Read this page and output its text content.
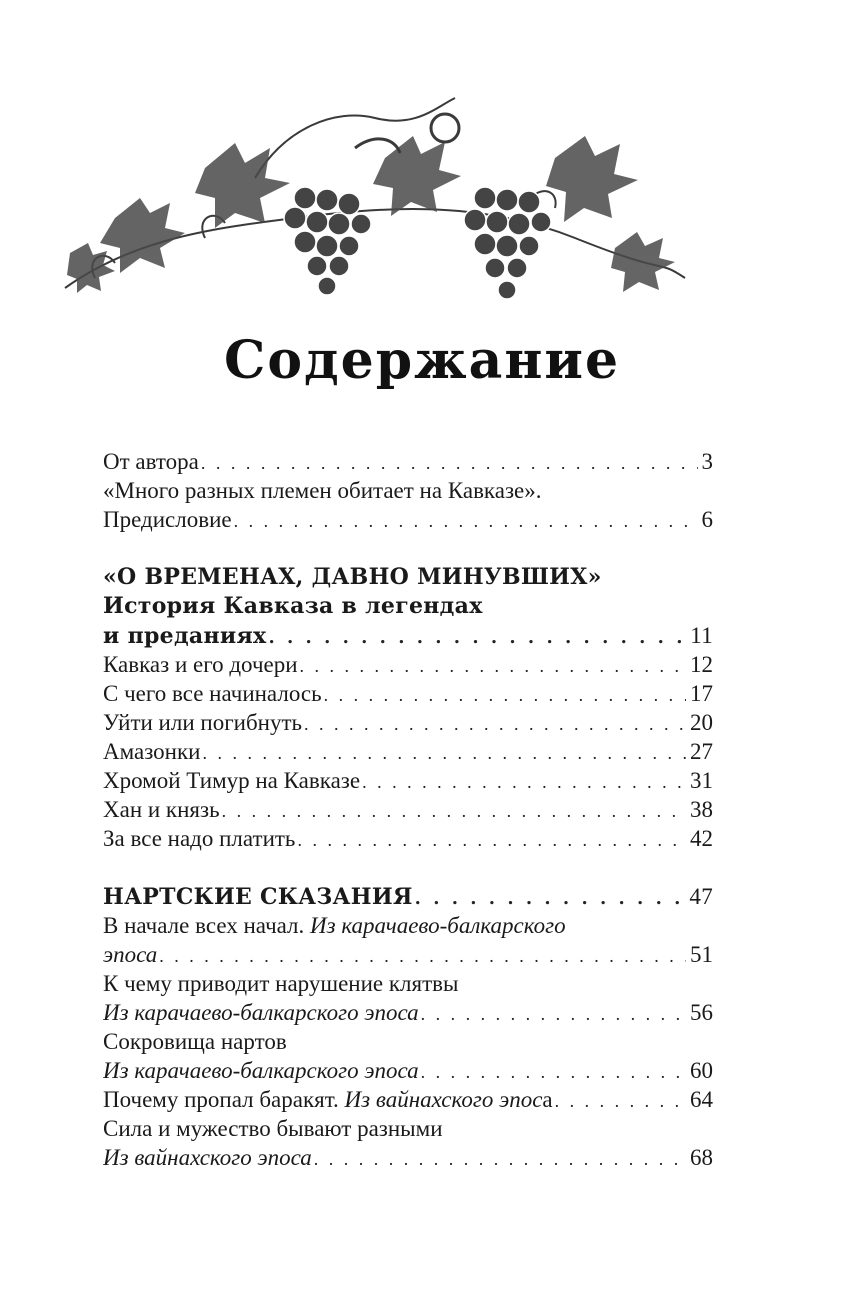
Содержание
От автора . . .	3
«Много разных племен обитает на Кавказе».
Предисловие . . .	6
«О ВРЕМЕНАХ, ДАВНО МИНУВШИХ»
История Кавказа в легендах
и преданиях . . .	11
Кавказ и его дочери . . .	12
С чего все начиналось . . .	17
Уйти или погибнуть . . .	20
Амазонки . . .	27
Хромой Тимур на Кавказе . . .	31
Хан и князь . . .	38
За все надо платить . . .	42
НАРТСКИЕ СКАЗАНИЯ . . .	47
В начале всех начал. Из карачаево-балкарского
эпоса . . .	51
К чему приводит нарушение клятвы
Из карачаево-балкарского эпоса . . .	56
Сокровища нартов
Из карачаево-балкарского эпоса . . .	60
Почему пропал баракят. Из вайнахского эпоса . . .	64
Сила и мужество бывают разными
Из вайнахского эпоса . . .	68
